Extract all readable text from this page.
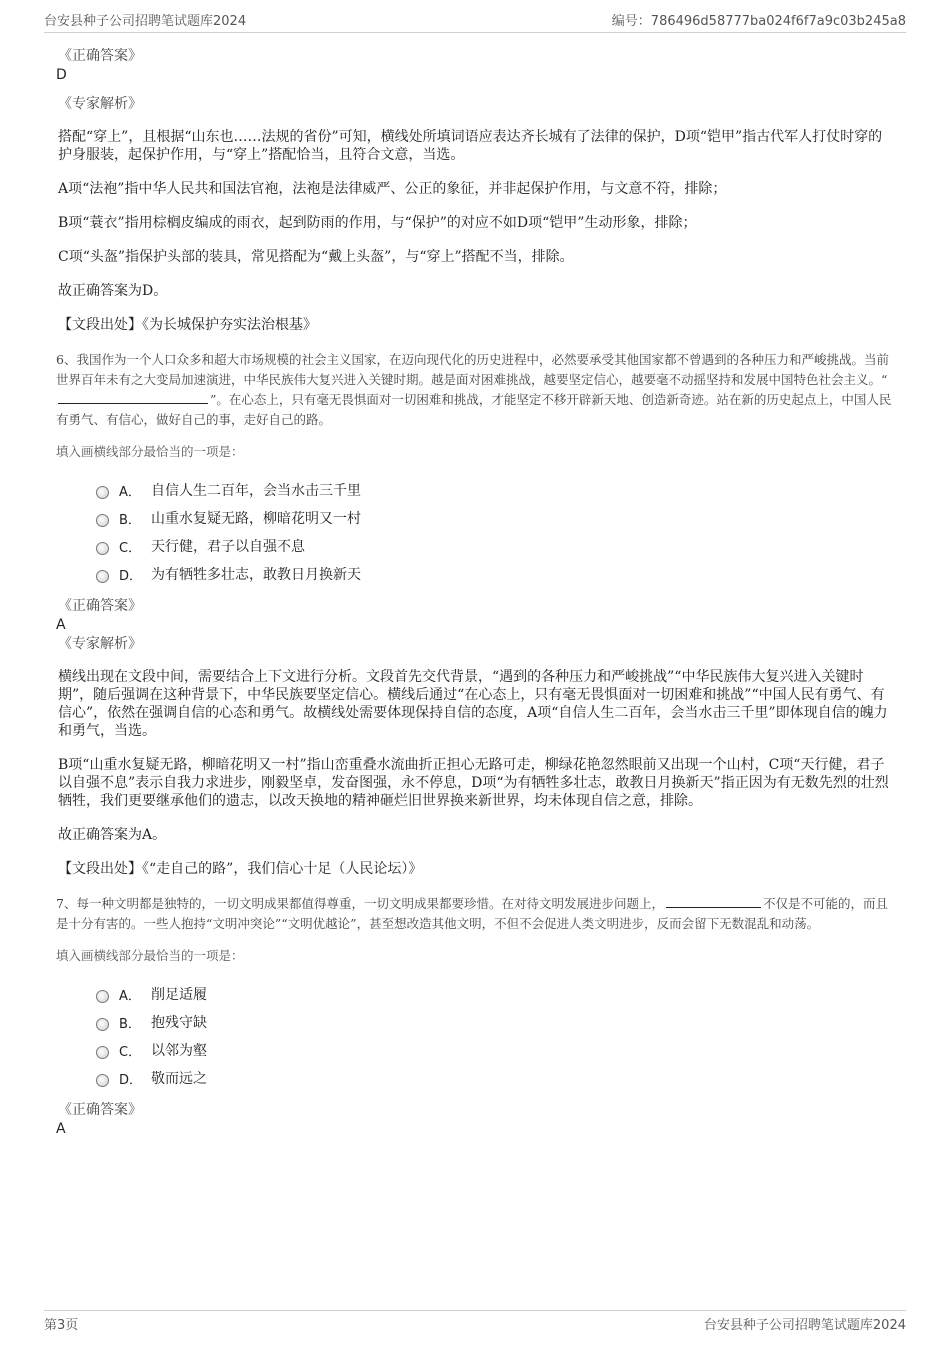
台安县种子公司招聘笔试题库2024	编号：786496d58777ba024f6f7a9c03b245a8
《正确答案》
D
《专家解析》

搭配“穿上”，且根据“山东也……法规的省份”可知，横线处所填词语应表达齐长城有了法律的保护，D项“铠甲”指古代军人打仗时穿的护身服装，起保护作用，与“穿上”搭配恰当，且符合文意，当选。

A项“法袍”指中华人民共和国法官袍，法袍是法律威严、公正的象征，并非起保护作用，与文意不符，排除；

B项“蓑衣”指用棕榈皮编成的雨衣，起到防雨的作用，与“保护”的对应不如D项“铠甲”生动形象，排除；

C项“头盔”指保护头部的装具，常见搭配为“戴上头盔”，与“穿上”搭配不当，排除。

故正确答案为D。

【文段出处】《为长城保护夯实法治根基》

6、我国作为一个人口众多和超大市场规模的社会主义国家，在迈向现代化的历史进程中，必然要承受其他国家都不曾遇到的各种压力和严峻挑战。当前世界百年未有之大变局加速演进，中华民族伟大复兴进入关键时期。越是面对困难挑战，越要坚定信心，越要毫不动摇坚持和发展中国特色社会主义。“”。在心态上，只有毫无畏惧面对一切困难和挑战，才能坚定不移开辟新天地、创造新奇迹。站在新的历史起点上，中国人民有勇气、有信心，做好自己的事，走好自己的路。
填入画横线部分最恰当的一项是：
A． 自信人生二百年，会当水击三千里
B． 山重水复疑无路，柳暗花明又一村
C． 天行健，君子以自强不息
D． 为有牺牲多壮志，敢教日月换新天
《正确答案》
A
《专家解析》

横线出现在文段中间，需要结合上下文进行分析。文段首先交代背景，“遇到的各种压力和严峻挑战”“中华民族伟大复兴进入关键时期”，随后强调在这种背景下，中华民族要坚定信心。横线后通过“在心态上，只有毫无畏惧面对一切困难和挑战”“中国人民有勇气、有信心”，依然在强调自信的心态和勇气。故横线处需要体现保持自信的态度，A项“自信人生二百年，会当水击三千里”即体现自信的魄力和勇气，当选。

B项“山重水复疑无路，柳暗花明又一村”指山峦重叠水流曲折正担心无路可走，柳绿花艳忽然眼前又出现一个山村，C项“天行健，君子以自强不息”表示自我力求进步，刚毅坚卓，发奋图强，永不停息，D项“为有牺牲多壮志，敢教日月换新天”指正因为有无数先烈的壮烈牺牲，我们更要继承他们的遗志，以改天换地的精神砸烂旧世界换来新世界，均未体现自信之意，排除。

故正确答案为A。

【文段出处】《“走自己的路”，我们信心十足（人民论坛）》

7、每一种文明都是独特的，一切文明成果都值得尊重，一切文明成果都要珍惜。在对待文明发展进步问题上，	不仅是不可能的，而且是十分有害的。一些人抱持“文明冲突论”“文明优越论”，甚至想改造其他文明，不但不会促进人类文明进步，反而会留下无数混乱和动荡。
填入画横线部分最恰当的一项是：
A． 削足适履
B． 抱残守缺
C． 以邻为壑
D． 敬而远之
《正确答案》
A
第3页	台安县种子公司招聘笔试题库2024
